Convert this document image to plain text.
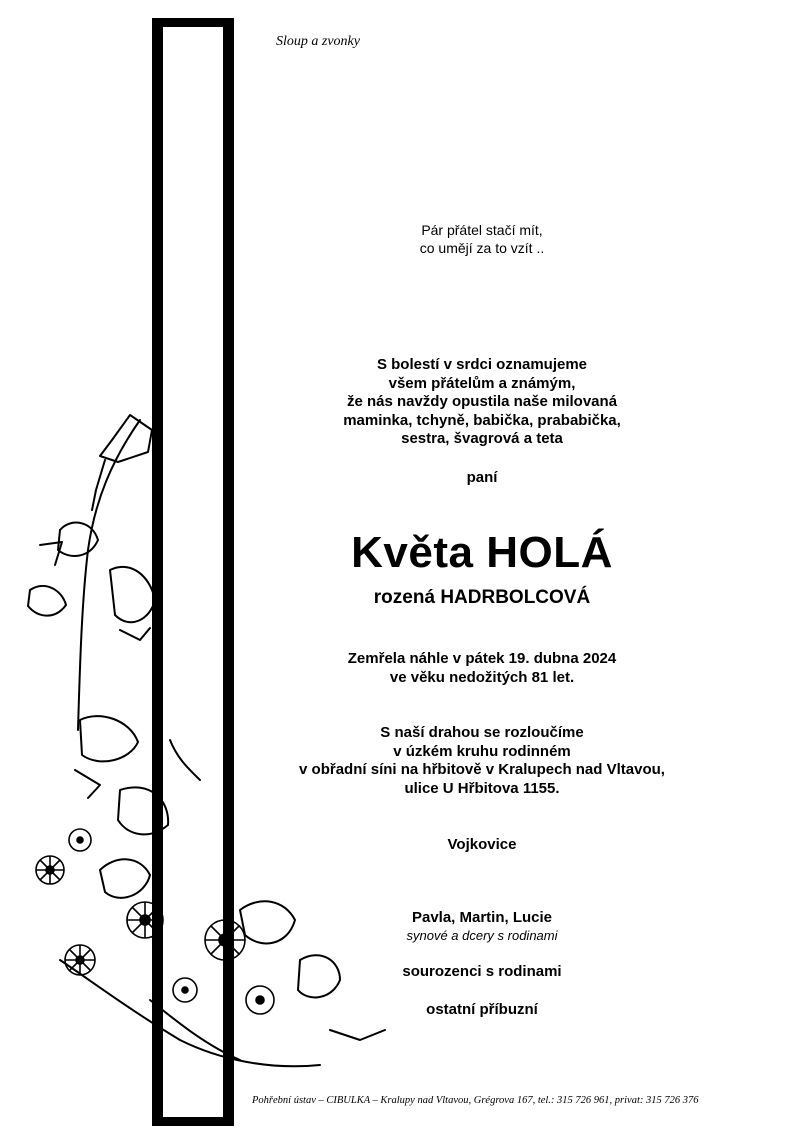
Sloup a zvonky
Pár přátel stačí mít,
co umějí za to vzít ..
S bolestí v srdci oznamujeme
všem přátelům a známým,
že nás navždy opustila naše milovaná
maminka, tchyně, babička, prababička,
sestra, švagrová a teta
paní
Květa HOLÁ
rozená HADRBOLCOVÁ
Zemřela náhle v pátek 19. dubna 2024
ve věku nedožitých 81 let.
S naší drahou se rozloučíme
v úzkém kruhu rodinném
v obřadní síni na hřbitově v Kralupech nad Vltavou,
ulice U Hřbitova 1155.
Vojkovice
Pavla, Martin, Lucie
synové a dcery s rodinami
sourozenci s rodinami
ostatní příbuzní
Pohřební ústav – CIBULKA – Kralupy nad Vltavou, Grégrova 167, tel.: 315 726 961, privat: 315 726 376
